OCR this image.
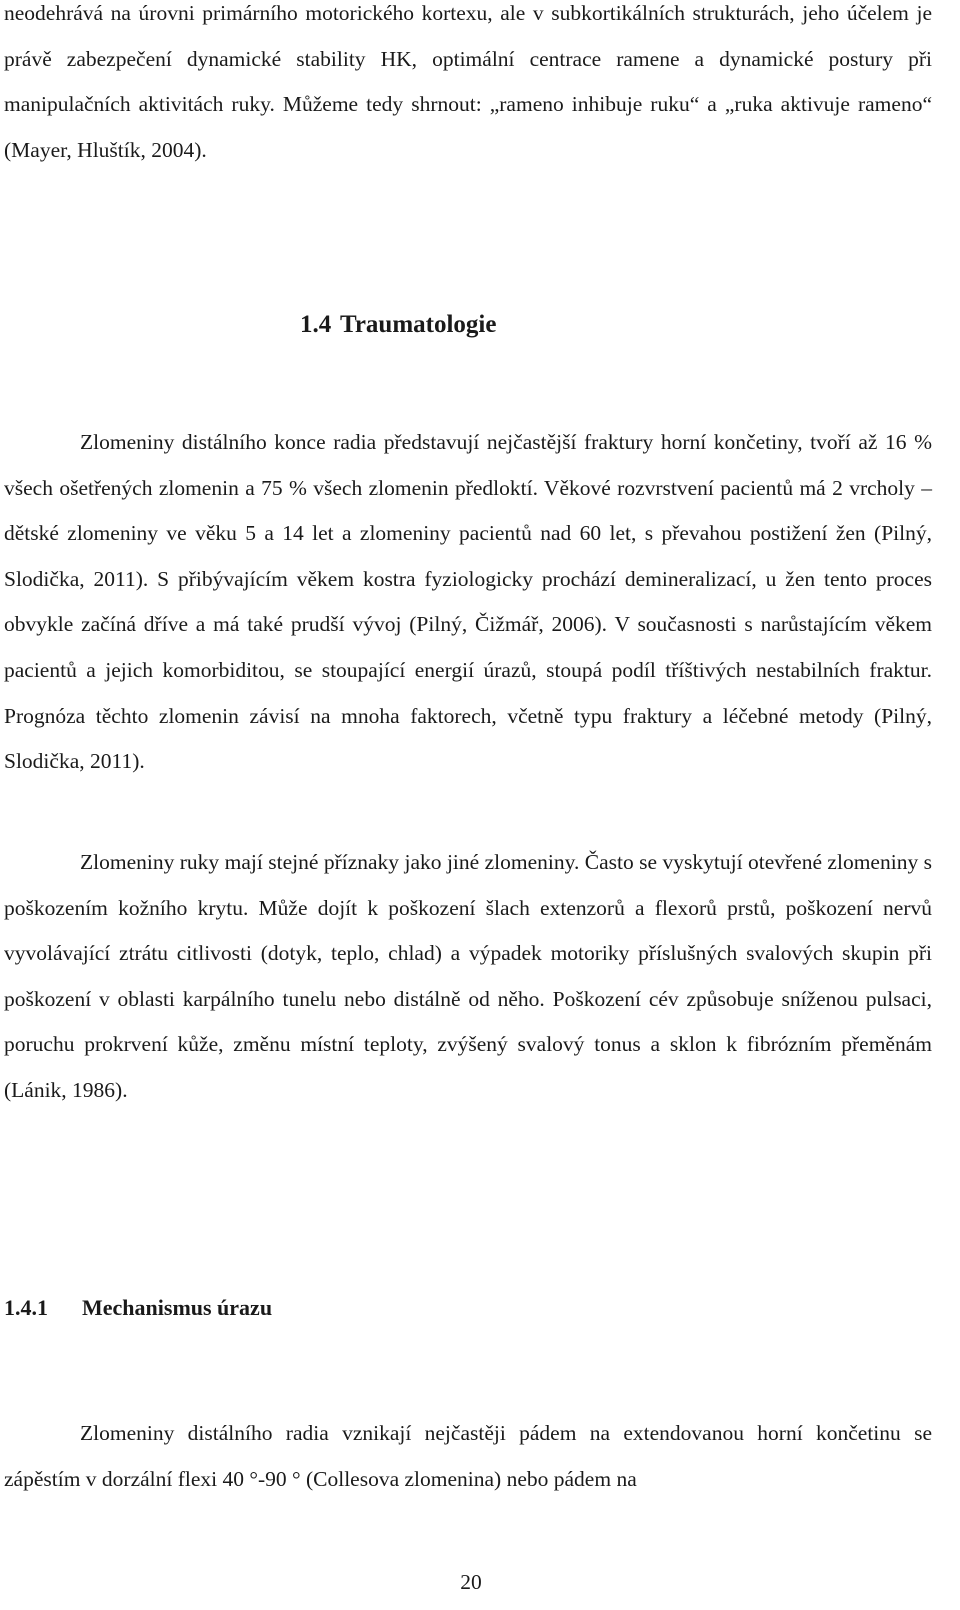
neodehrává na úrovni primárního motorického kortexu, ale v subkortikálních strukturách, jeho účelem je právě zabezpečení dynamické stability HK, optimální centrace ramene a dynamické postury při manipulačních aktivitách ruky. Můžeme tedy shrnout: „rameno inhibuje ruku“ a „ruka aktivuje rameno“ (Mayer, Hluštík, 2004).

1.4 Traumatologie

Zlomeniny distálního konce radia představují nejčastější fraktury horní končetiny, tvoří až 16 % všech ošetřených zlomenin a 75 % všech zlomenin předloktí. Věkové rozvrstvení pacientů má 2 vrcholy – dětské zlomeniny ve věku 5 a 14 let a zlomeniny pacientů nad 60 let, s převahou postižení žen (Pilný, Slodička, 2011). S přibývajícím věkem kostra fyziologicky prochází demineralizací, u žen tento proces obvykle začíná dříve a má také prudší vývoj (Pilný, Čižmář, 2006). V současnosti s narůstajícím věkem pacientů a jejich komorbiditou, se stoupající energií úrazů, stoupá podíl tříštivých nestabilních fraktur. Prognóza těchto zlomenin závisí na mnoha faktorech, včetně typu fraktury a léčebné metody (Pilný, Slodička, 2011).

Zlomeniny ruky mají stejné příznaky jako jiné zlomeniny. Často se vyskytují otevřené zlomeniny s poškozením kožního krytu. Může dojít k poškození šlach extenzorů a flexorů prstů, poškození nervů vyvolávající ztrátu citlivosti (dotyk, teplo, chlad) a výpadek motoriky příslušných svalových skupin při poškození v oblasti karpálního tunelu nebo distálně od něho. Poškození cév způsobuje sníženou pulsaci, poruchu prokrvení kůže, změnu místní teploty, zvýšený svalový tonus a sklon k fibrózním přeměnám (Lánik, 1986).

1.4.1 Mechanismus úrazu

Zlomeniny distálního radia vznikají nejčastěji pádem na extendovanou horní končetinu se zápěstím v dorzální flexi 40 °-90 ° (Collesova zlomenina) nebo pádem na

20
